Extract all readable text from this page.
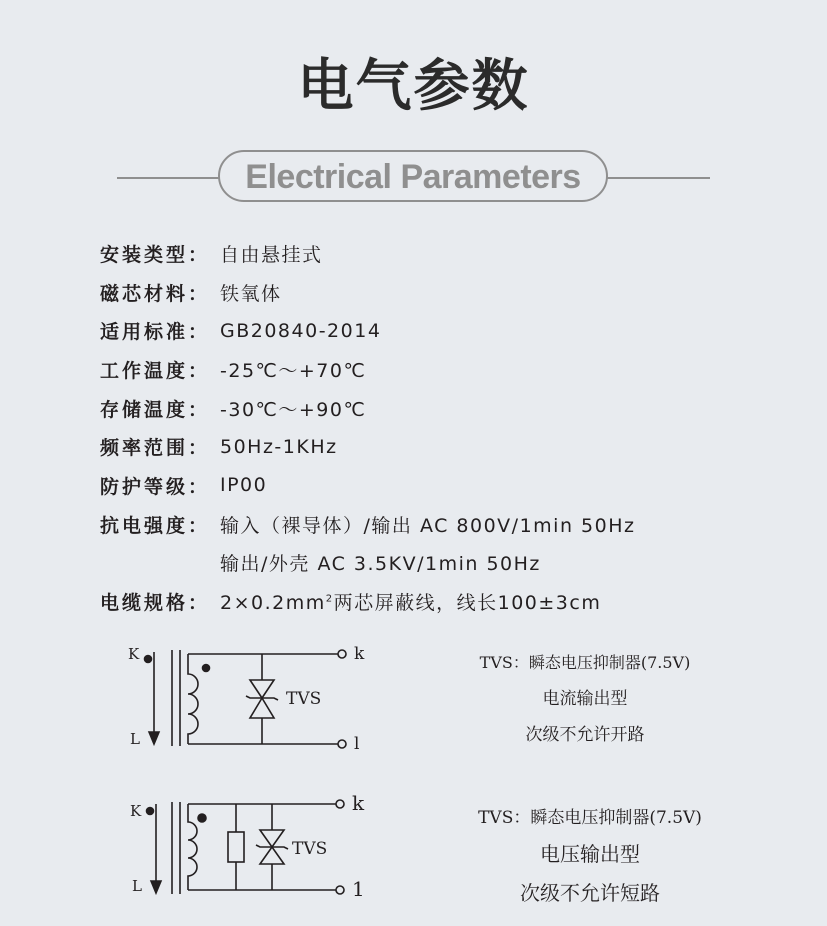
电气参数
Electrical Parameters
安装类型： 自由悬挂式
磁芯材料： 铁氧体
适用标准： GB20840-2014
工作温度： -25℃～+70℃
存储温度： -30℃～+90℃
频率范围： 50Hz-1KHz
防护等级： IP00
抗电强度： 输入（裸导体）/输出 AC 800V/1min 50Hz
输出/外壳 AC 3.5KV/1min 50Hz
电缆规格： $2\times 0.2mm^2$两芯屏蔽线，线长100±3cm
K
L
k
l
TVS
TVS：瞬态电压抑制器(7.5V)
电流输出型
次级不允许开路
K
L
k
1
TVS
TVS：瞬态电压抑制器(7.5V)
电压输出型
次级不允许短路
